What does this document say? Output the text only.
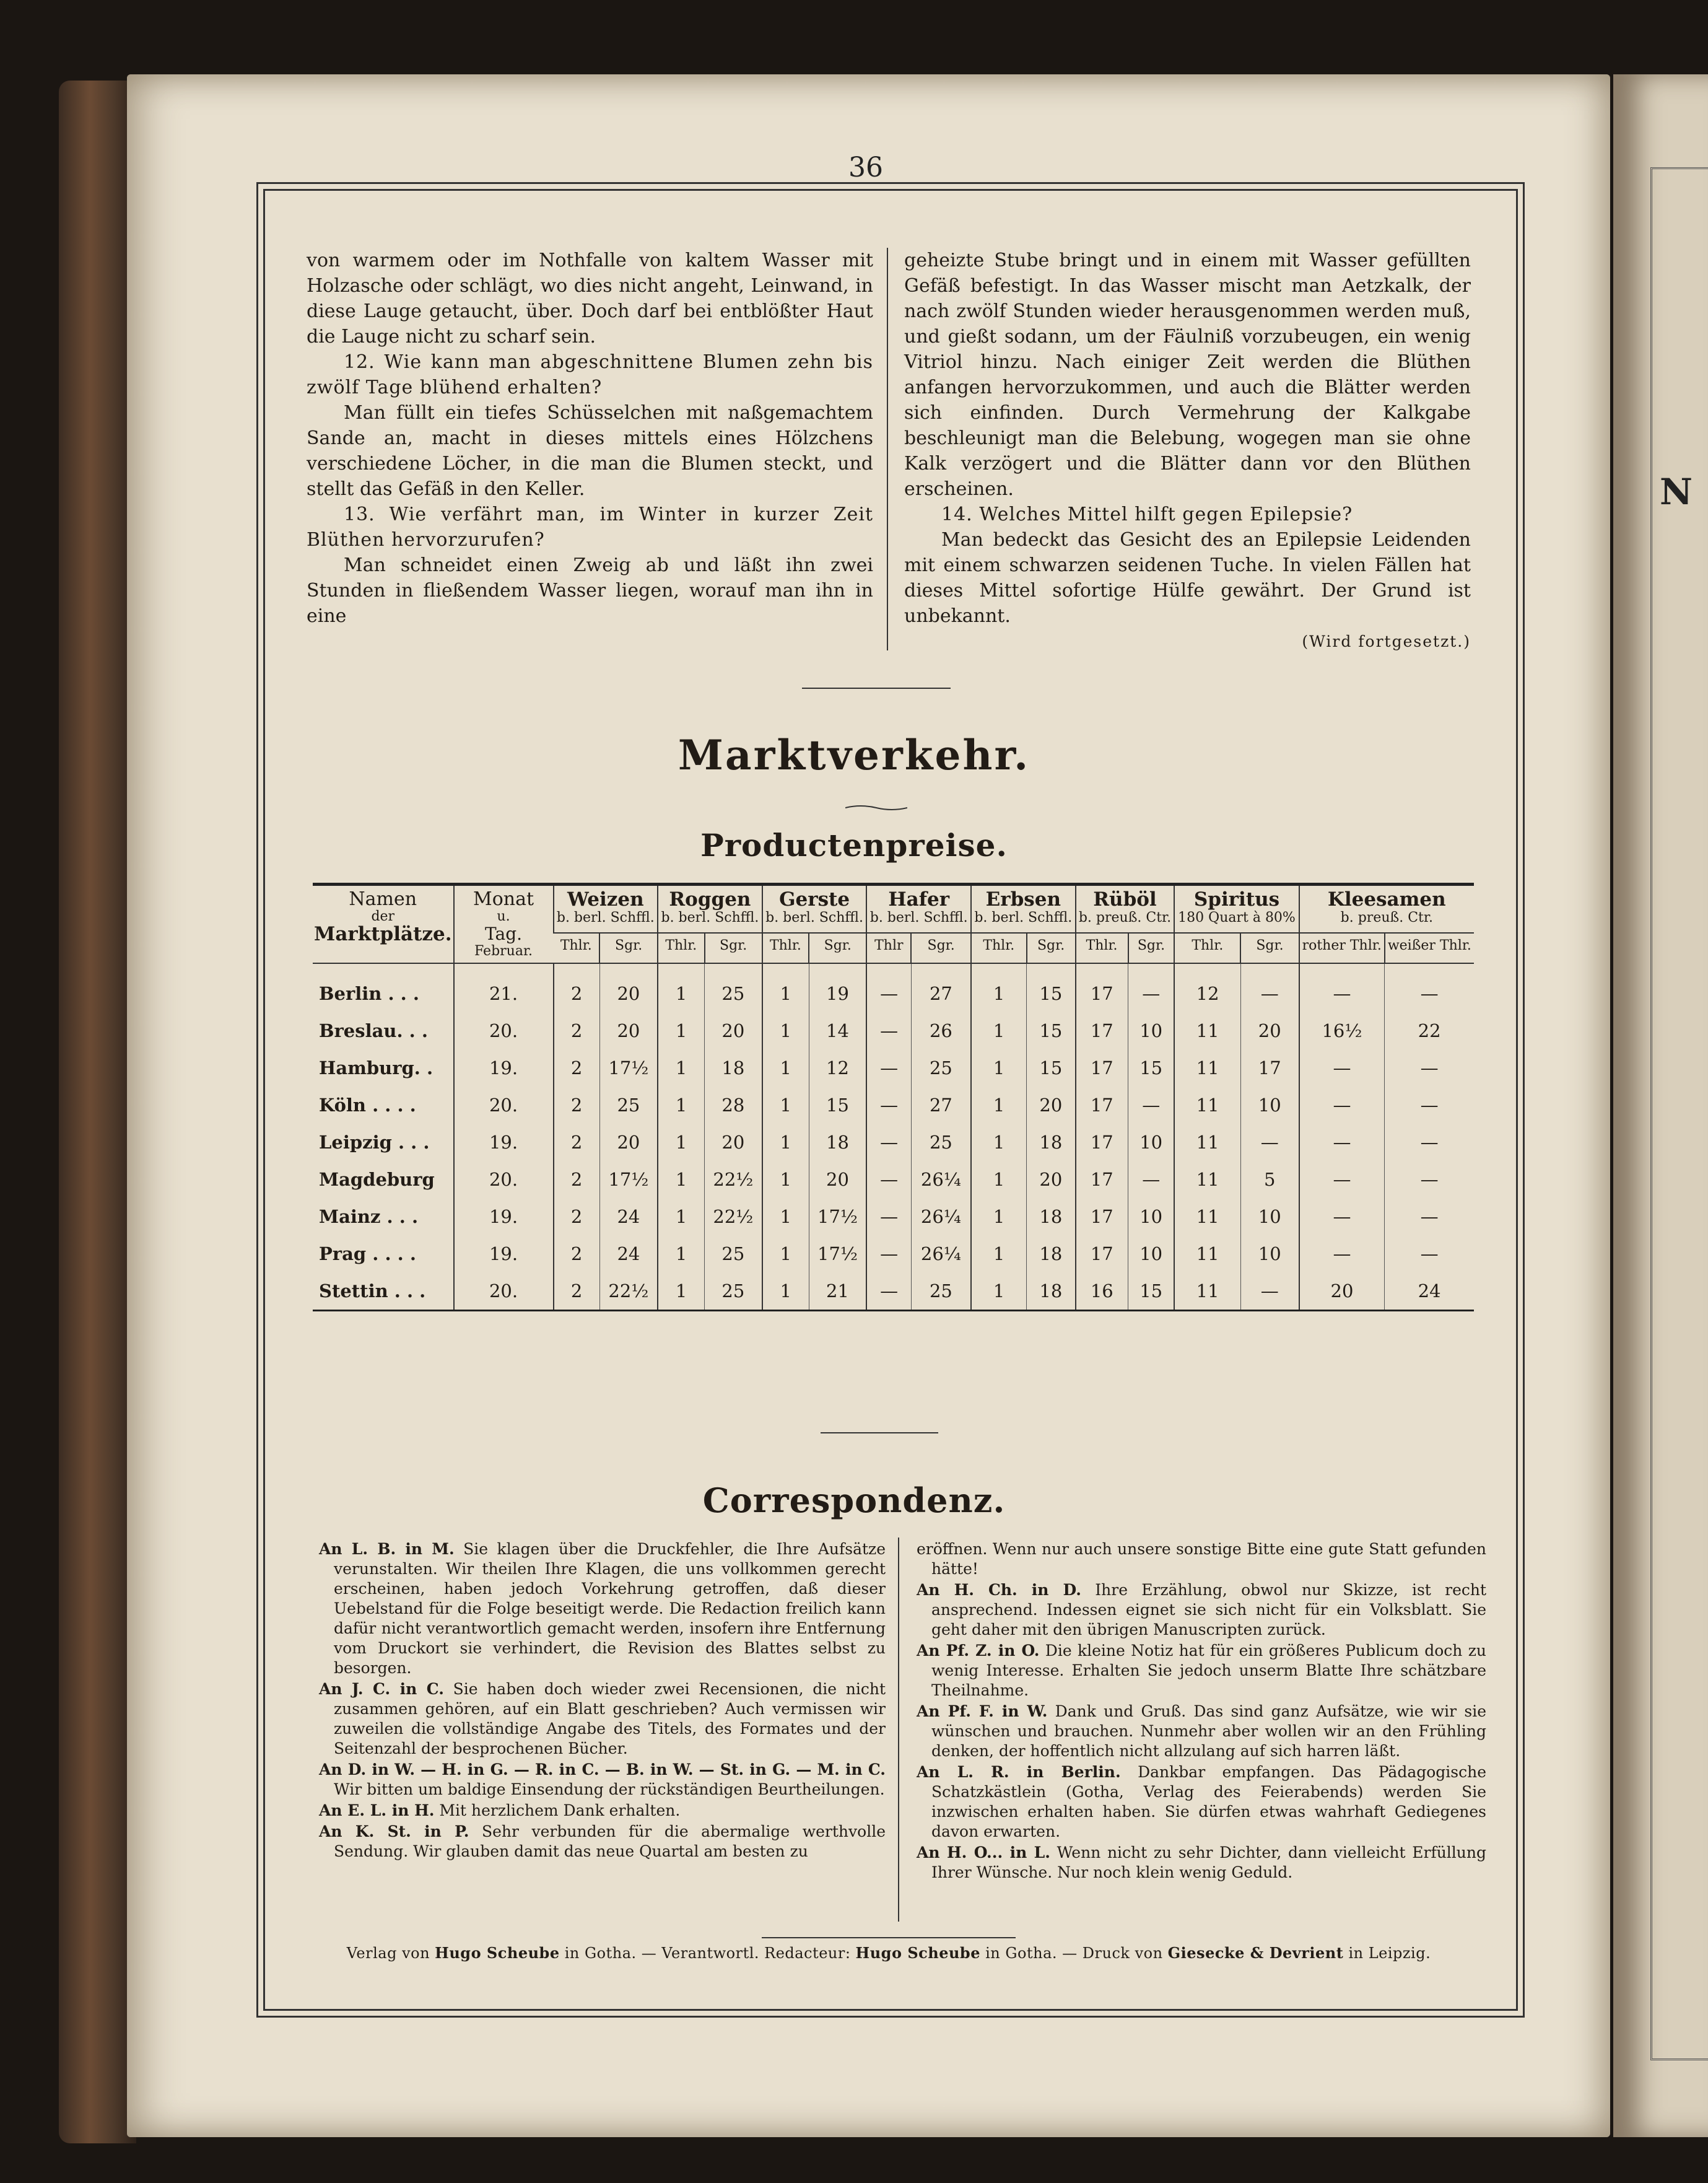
N
36

von warmem oder im Nothfalle von kaltem Wasser mit Holzasche oder schlägt, wo dies nicht angeht, Leinwand, in diese Lauge getaucht, über. Doch darf bei entblößter Haut die Lauge nicht zu scharf sein.

12. Wie kann man abgeschnittene Blumen zehn bis zwölf Tage blühend erhalten?

Man füllt ein tiefes Schüsselchen mit naßgemachtem Sande an, macht in dieses mittels eines Hölzchens verschiedene Löcher, in die man die Blumen steckt, und stellt das Gefäß in den Keller.

13. Wie verfährt man, im Winter in kurzer Zeit Blüthen hervorzurufen?

Man schneidet einen Zweig ab und läßt ihn zwei Stunden in fließendem Wasser liegen, worauf man ihn in eine

geheizte Stube bringt und in einem mit Wasser gefüllten Gefäß befestigt. In das Wasser mischt man Aetzkalk, der nach zwölf Stunden wieder herausgenommen werden muß, und gießt sodann, um der Fäulniß vorzubeugen, ein wenig Vitriol hinzu. Nach einiger Zeit werden die Blüthen anfangen hervorzukommen, und auch die Blätter werden sich einfinden. Durch Vermehrung der Kalkgabe beschleunigt man die Belebung, wogegen man sie ohne Kalk verzögert und die Blätter dann vor den Blüthen erscheinen.

14. Welches Mittel hilft gegen Epilepsie?

Man bedeckt das Gesicht des an Epilepsie Leidenden mit einem schwarzen seidenen Tuche. In vielen Fällen hat dieses Mittel sofortige Hülfe gewährt. Der Grund ist unbekannt.

(Wird fortgesetzt.)

Marktverkehr.
Productenpreise.
Namen
der
Marktplätze.	Monat
u.
Tag.
Februar.	Weizen
b. berl. Schffl.		Roggen
b. berl. Schffl.		Gerste
b. berl. Schffl.		Hafer
b. berl. Schffl.		Erbsen
b. berl. Schffl.		Rüböl
b. preuß. Ctr.		Spiritus
180 Quart à 80%		Kleesamen
b. preuß. Ctr.	
		Thlr.	Sgr.	Thlr.	Sgr.	Thlr.	Sgr.	Thlr	Sgr.	Thlr.	Sgr.	Thlr.	Sgr.	Thlr.	Sgr.	rother Thlr.	weißer Thlr.
Berlin . . .	21.	2	20	1	25	1	19	—	27	1	15	17	—	12	—	—	—
Breslau. . .	20.	2	20	1	20	1	14	—	26	1	15	17	10	11	20	16½	22
Hamburg. .	19.	2	17½	1	18	1	12	—	25	1	15	17	15	11	17	—	—
Köln . . . .	20.	2	25	1	28	1	15	—	27	1	20	17	—	11	10	—	—
Leipzig . . .	19.	2	20	1	20	1	18	—	25	1	18	17	10	11	—	—	—
Magdeburg	20.	2	17½	1	22½	1	20	—	26¼	1	20	17	—	11	5	—	—
Mainz . . .	19.	2	24	1	22½	1	17½	—	26¼	1	18	17	10	11	10	—	—
Prag . . . .	19.	2	24	1	25	1	17½	—	26¼	1	18	17	10	11	10	—	—
Stettin . . .	20.	2	22½	1	25	1	21	—	25	1	18	16	15	11	—	20	24
Correspondenz.

An L. B. in M. Sie klagen über die Druckfehler, die Ihre Aufsätze verunstalten. Wir theilen Ihre Klagen, die uns vollkommen gerecht erscheinen, haben jedoch Vorkehrung getroffen, daß dieser Uebelstand für die Folge beseitigt werde. Die Redaction freilich kann dafür nicht verantwortlich gemacht werden, insofern ihre Entfernung vom Druckort sie verhindert, die Revision des Blattes selbst zu besorgen.

An J. C. in C. Sie haben doch wieder zwei Recensionen, die nicht zusammen gehören, auf ein Blatt geschrieben? Auch vermissen wir zuweilen die vollständige Angabe des Titels, des Formates und der Seitenzahl der besprochenen Bücher.

An D. in W. — H. in G. — R. in C. — B. in W. — St. in G. — M. in C. Wir bitten um baldige Einsendung der rückständigen Beurtheilungen.

An E. L. in H. Mit herzlichem Dank erhalten.

An K. St. in P. Sehr verbunden für die abermalige werthvolle Sendung. Wir glauben damit das neue Quartal am besten zu

eröffnen. Wenn nur auch unsere sonstige Bitte eine gute Statt gefunden hätte!

An H. Ch. in D. Ihre Erzählung, obwol nur Skizze, ist recht ansprechend. Indessen eignet sie sich nicht für ein Volksblatt. Sie geht daher mit den übrigen Manuscripten zurück.

An Pf. Z. in O. Die kleine Notiz hat für ein größeres Publicum doch zu wenig Interesse. Erhalten Sie jedoch unserm Blatte Ihre schätzbare Theilnahme.

An Pf. F. in W. Dank und Gruß. Das sind ganz Aufsätze, wie wir sie wünschen und brauchen. Nunmehr aber wollen wir an den Frühling denken, der hoffentlich nicht allzulang auf sich harren läßt.

An L. R. in Berlin. Dankbar empfangen. Das Pädagogische Schatzkästlein (Gotha, Verlag des Feierabends) werden Sie inzwischen erhalten haben. Sie dürfen etwas wahrhaft Gediegenes davon erwarten.

An H. O... in L. Wenn nicht zu sehr Dichter, dann vielleicht Erfüllung Ihrer Wünsche. Nur noch klein wenig Geduld.

Verlag von Hugo Scheube in Gotha. — Verantwortl. Redacteur: Hugo Scheube in Gotha. — Druck von Giesecke & Devrient in Leipzig.
